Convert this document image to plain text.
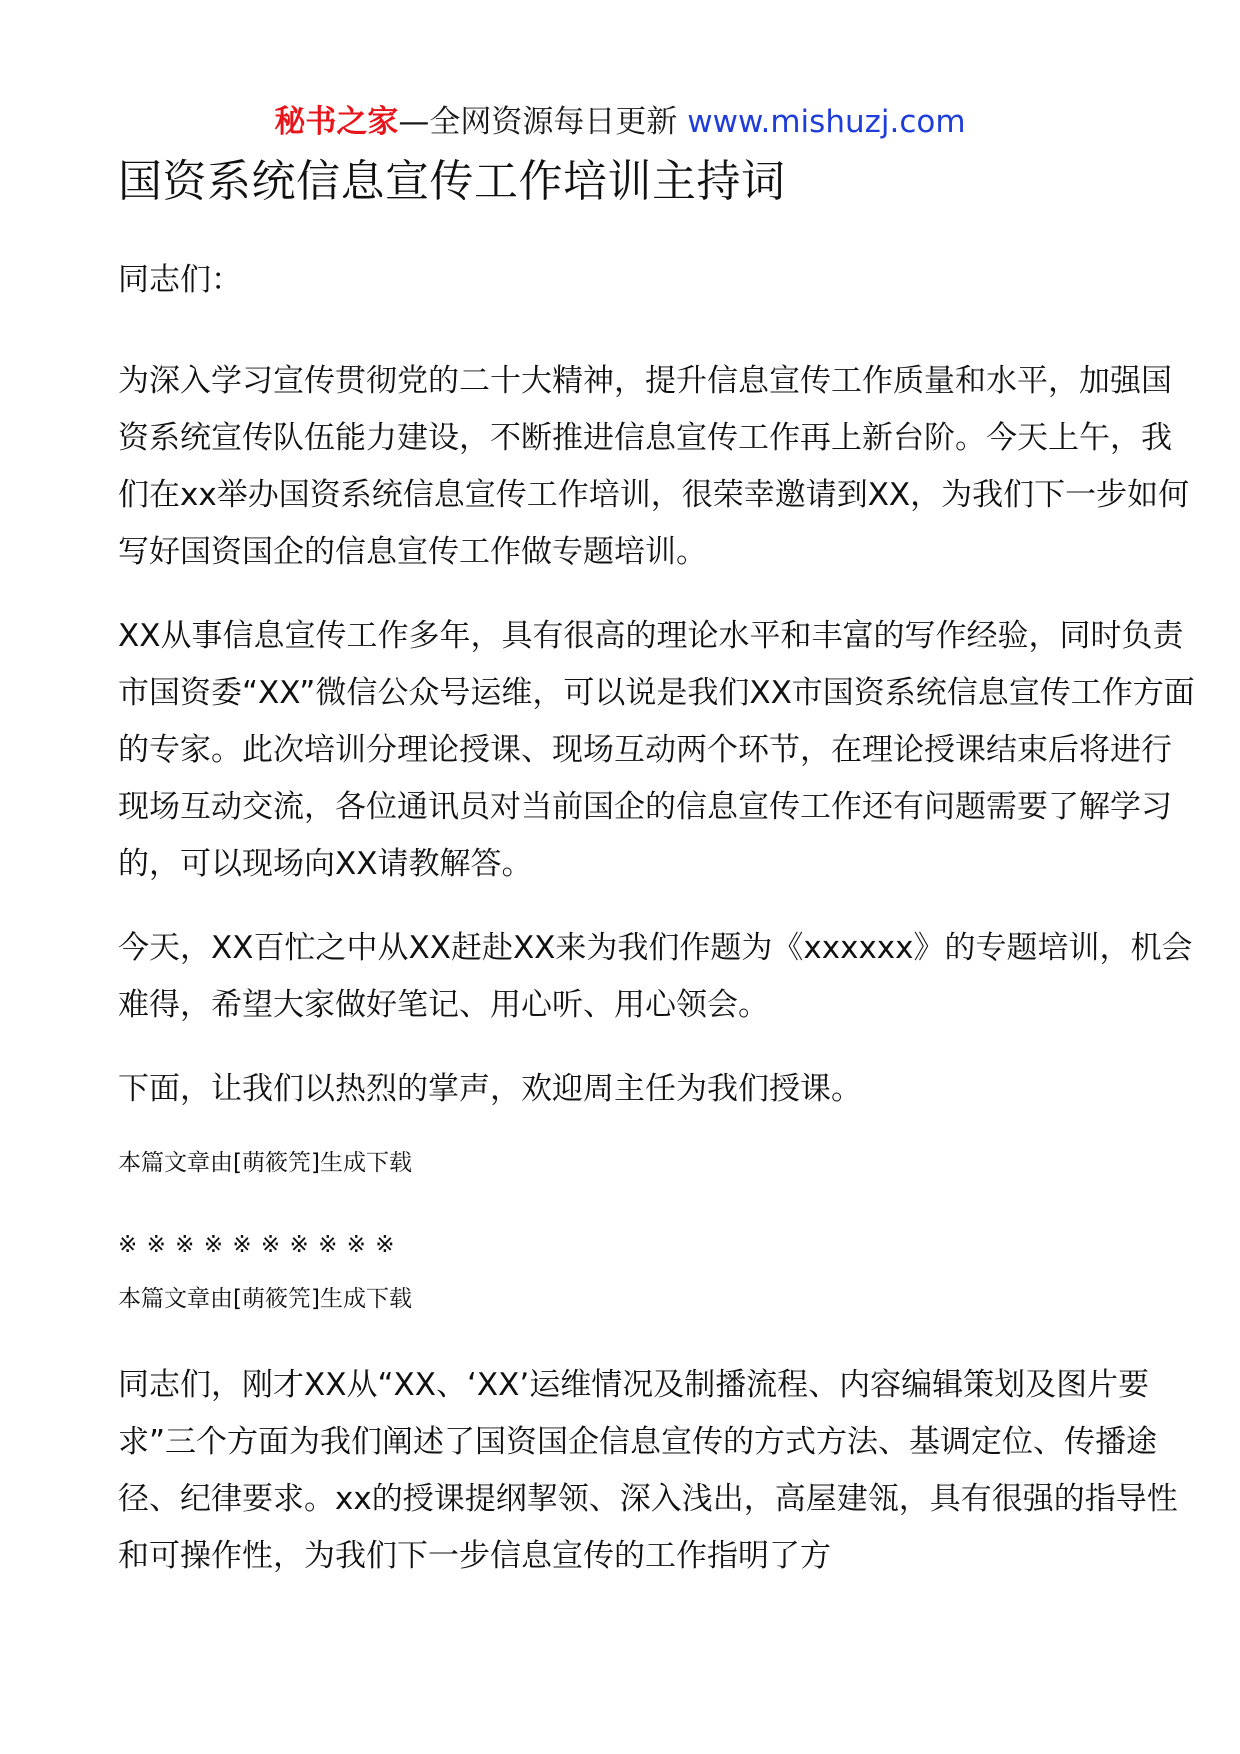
秘书之家—全网资源每日更新 www.mishuzj.com
国资系统信息宣传工作培训主持词

同志们：

为深入学习宣传贯彻党的二十大精神，提升信息宣传工作质量和水平，加强国资系统宣传队伍能力建设，不断推进信息宣传工作再上新台阶。今天上午，我们在xx举办国资系统信息宣传工作培训，很荣幸邀请到XX，为我们下一步如何写好国资国企的信息宣传工作做专题培训。

XX从事信息宣传工作多年，具有很高的理论水平和丰富的写作经验，同时负责市国资委“XX”微信公众号运维，可以说是我们XX市国资系统信息宣传工作方面的专家。此次培训分理论授课、现场互动两个环节，在理论授课结束后将进行现场互动交流，各位通讯员对当前国企的信息宣传工作还有问题需要了解学习的，可以现场向XX请教解答。

今天，XX百忙之中从XX赶赴XX来为我们作题为《xxxxxx》的专题培训，机会难得，希望大家做好笔记、用心听、用心领会。

下面，让我们以热烈的掌声，欢迎周主任为我们授课。

本篇文章由[萌筱笐]生成下载

※ ※ ※ ※ ※ ※ ※ ※ ※ ※

本篇文章由[萌筱笐]生成下载

同志们，刚才XX从“XX、‘XX’运维情况及制播流程、内容编辑策划及图片要求”三个方面为我们阐述了国资国企信息宣传的方式方法、基调定位、传播途径、纪律要求。xx的授课提纲挈领、深入浅出，高屋建瓴，具有很强的指导性和可操作性，为我们下一步信息宣传的工作指明了方
